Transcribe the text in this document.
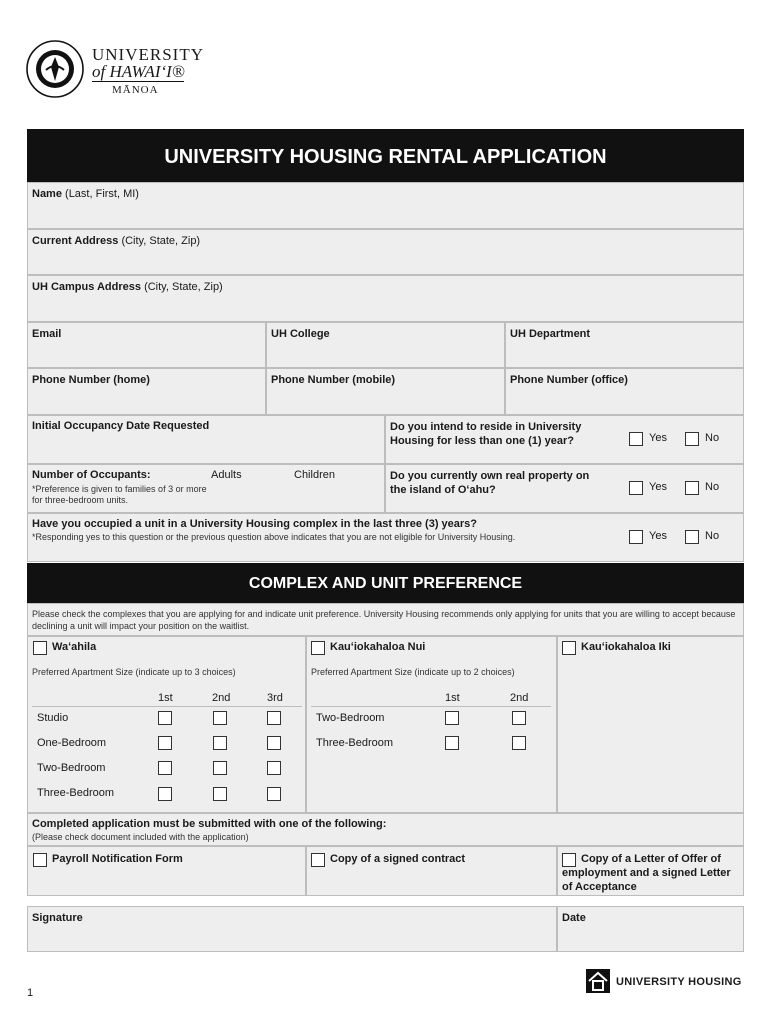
UNIVERSITY
of HAWAIʻI®
MĀNOA
UNIVERSITY HOUSING RENTAL APPLICATION
Name (Last, First, MI)
Current Address (City, State, Zip)
UH Campus Address (City, State, Zip)
Email	UH College	UH Department
Phone Number (home)	Phone Number (mobile)	Phone Number (office)
Initial Occupancy Date Requested	Do you intend to reside in University Housing for less than one (1) year?	Yes	No
Number of Occupants:	Adults	Children
*Preference is given to families of 3 or more for three-bedroom units.
Do you currently own real property on the island of Oʻahu?	Yes	No
Have you occupied a unit in a University Housing complex in the last three (3) years?
*Responding yes to this question or the previous question above indicates that you are not eligible for University Housing.	Yes	No
COMPLEX AND UNIT PREFERENCE
Please check the complexes that you are applying for and indicate unit preference. University Housing recommends only applying for units that you are willing to accept because declining a unit will impact your position on the waitlist.
Waʻahila	Kauʻiokahaloa Nui	Kauʻiokahaloa Iki
Preferred Apartment Size (indicate up to 3 choices)	Preferred Apartment Size (indicate up to 2 choices)
1st	2nd	3rd
Studio
One-Bedroom
Two-Bedroom
Three-Bedroom
1st	2nd
Two-Bedroom
Three-Bedroom
Completed application must be submitted with one of the following:
(Please check document included with the application)
Payroll Notification Form	Copy of a signed contract	Copy of a Letter of Offer of
employment and a signed Letter
of Acceptance
Signature	Date
1
UNIVERSITY HOUSING
